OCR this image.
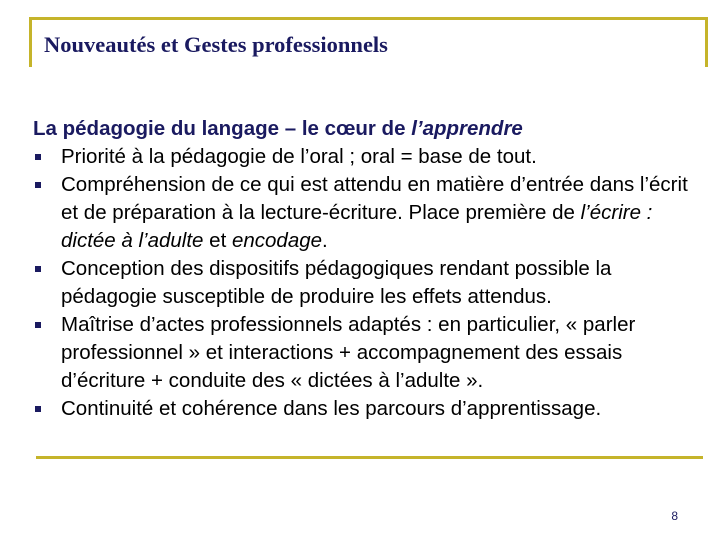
Nouveautés et Gestes professionnels
La pédagogie du langage – le cœur de l’apprendre
Priorité à la pédagogie de l’oral ; oral = base de tout.
Compréhension de ce qui est attendu en matière d’entrée dans l’écrit et de préparation à la lecture-écriture. Place première de l’écrire : dictée à l’adulte et encodage.
Conception des dispositifs pédagogiques rendant possible la pédagogie susceptible de produire les effets attendus.
Maîtrise d’actes professionnels adaptés : en particulier, « parler professionnel » et interactions + accompagnement des essais d’écriture + conduite des « dictées à l’adulte ».
Continuité et cohérence dans les parcours d’apprentissage.
8
